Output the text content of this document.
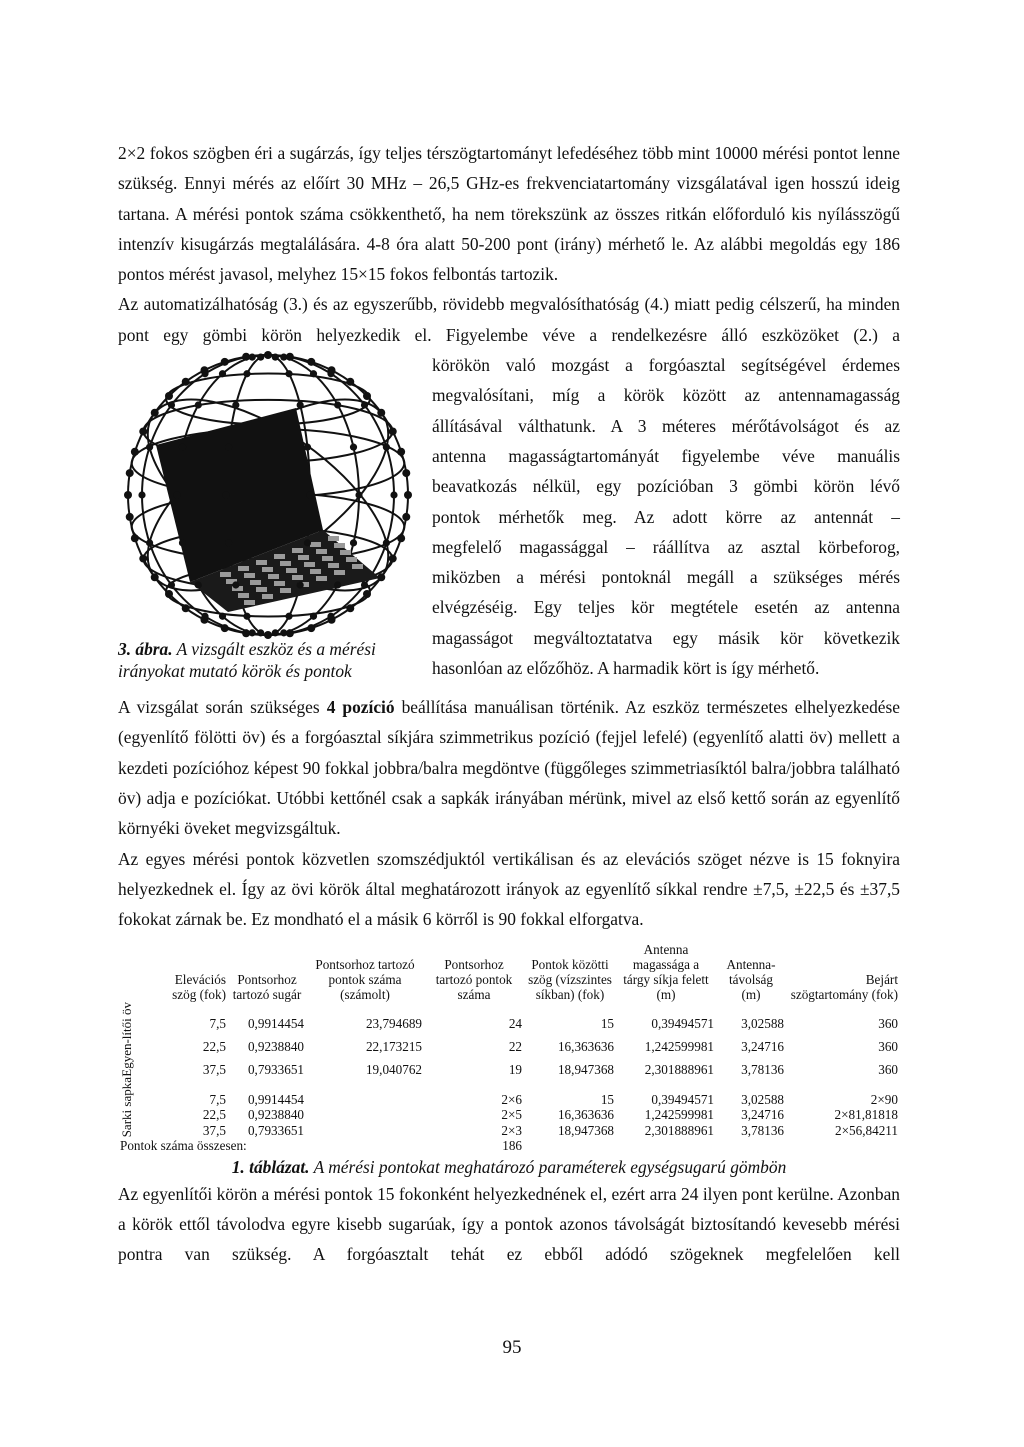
2×2 fokos szögben éri a sugárzás, így teljes térszögtartományt lefedéséhez több mint 10000 mérési pontot lenne szükség. Ennyi mérés az előírt 30 MHz – 26,5 GHz-es frekvenciatartomány vizsgálatával igen hosszú ideig tartana. A mérési pontok száma csökkenthető, ha nem törekszünk az összes ritkán előforduló kis nyílásszögű intenzív kisugárzás megtalálására. 4-8 óra alatt 50-200 pont (irány) mérhető le. Az alábbi megoldás egy 186 pontos mérést javasol, melyhez 15×15 fokos felbontás tartozik.

Az automatizálhatóság (3.) és az egyszerűbb, rövidebb megvalósíthatóság (4.) miatt pedig célszerű, ha minden pont egy gömbi körön helyezkedik el. Figyelembe véve a rendelkezésre álló eszközöket (2.) a

3. ábra. A vizsgált eszköz és a mérési irányokat mutató körök és pontok
körökön való mozgást a forgóasztal segítségével érdemes
megvalósítani, míg a körök között az antennamagasság
állításával válthatunk. A 3 méteres mérőtávolságot és az
antenna magasságtartományát figyelembe véve manuális
beavatkozás nélkül, egy pozícióban 3 gömbi körön lévő
pontok mérhetők meg. Az adott körre az antennát –
megfelelő magassággal – ráállítva az asztal körbeforog,
miközben a mérési pontoknál megáll a szükséges mérés
elvégzéséig. Egy teljes kör megtétele esetén az antenna
magasságot megváltoztatatva egy másik kör következik
hasonlóan az előzőhöz. A harmadik kört is így mérhető.

A vizsgálat során szükséges 4 pozíció beállítása manuálisan történik. Az eszköz természetes elhelyezkedése (egyenlítő fölötti öv) és a forgóasztal síkjára szimmetrikus pozíció (fejjel lefelé) (egyenlítő alatti öv) mellett a kezdeti pozícióhoz képest 90 fokkal jobbra/balra megdöntve (függőleges szimmetriasíktól balra/jobbra található öv) adja e pozíciókat. Utóbbi kettőnél csak a sapkák irányában mérünk, mivel az első kettő során az egyenlítő környéki öveket megvizsgáltuk.

Az egyes mérési pontok közvetlen szomszédjuktól vertikálisan és az elevációs szöget nézve is 15 foknyira helyezkednek el. Így az övi körök által meghatározott irányok az egyenlítő síkkal rendre ±7,5, ±22,5 és ±37,5 fokokat zárnak be. Ez mondható el a másik 6 körről is 90 fokkal elforgatva.

	Elevációs szög (fok)	Pontsorhoz tartozó sugár	Pontsorhoz tartozó pontok száma (számolt)	Pontsorhoz tartozó pontok száma	Pontok közötti szög (vízszintes síkban) (fok)	Antenna magassága a tárgy síkja felett (m)	Antenna-távolság (m)	Bejárt szögtartomány (fok)

Egyen-lítői öv	7,5	0,9914454	23,794689	24	15	0,39494571	3,02588	360
	22,5	0,9238840	22,173215	22	16,363636	1,242599981	3,24716	360
	37,5	0,7933651	19,040762	19	18,947368	2,301888961	3,78136	360

Sarki sapka	7,5	0,9914454		2×6	15	0,39494571	3,02588	2×90
	22,5	0,9238840		2×5	16,363636	1,242599981	3,24716	2×81,81818
	37,5	0,7933651		2×3	18,947368	2,301888961	3,78136	2×56,84211
Pontok száma összesen:				186				

1. táblázat. A mérési pontokat meghatározó paraméterek egységsugarú gömbön

Az egyenlítői körön a mérési pontok 15 fokonként helyezkednének el, ezért arra 24 ilyen pont kerülne. Azonban a körök ettől távolodva egyre kisebb sugarúak, így a pontok azonos távolságát biztosítandó kevesebb mérési pontra van szükség. A forgóasztalt tehát ez ebből adódó szögeknek megfelelően kell

95
